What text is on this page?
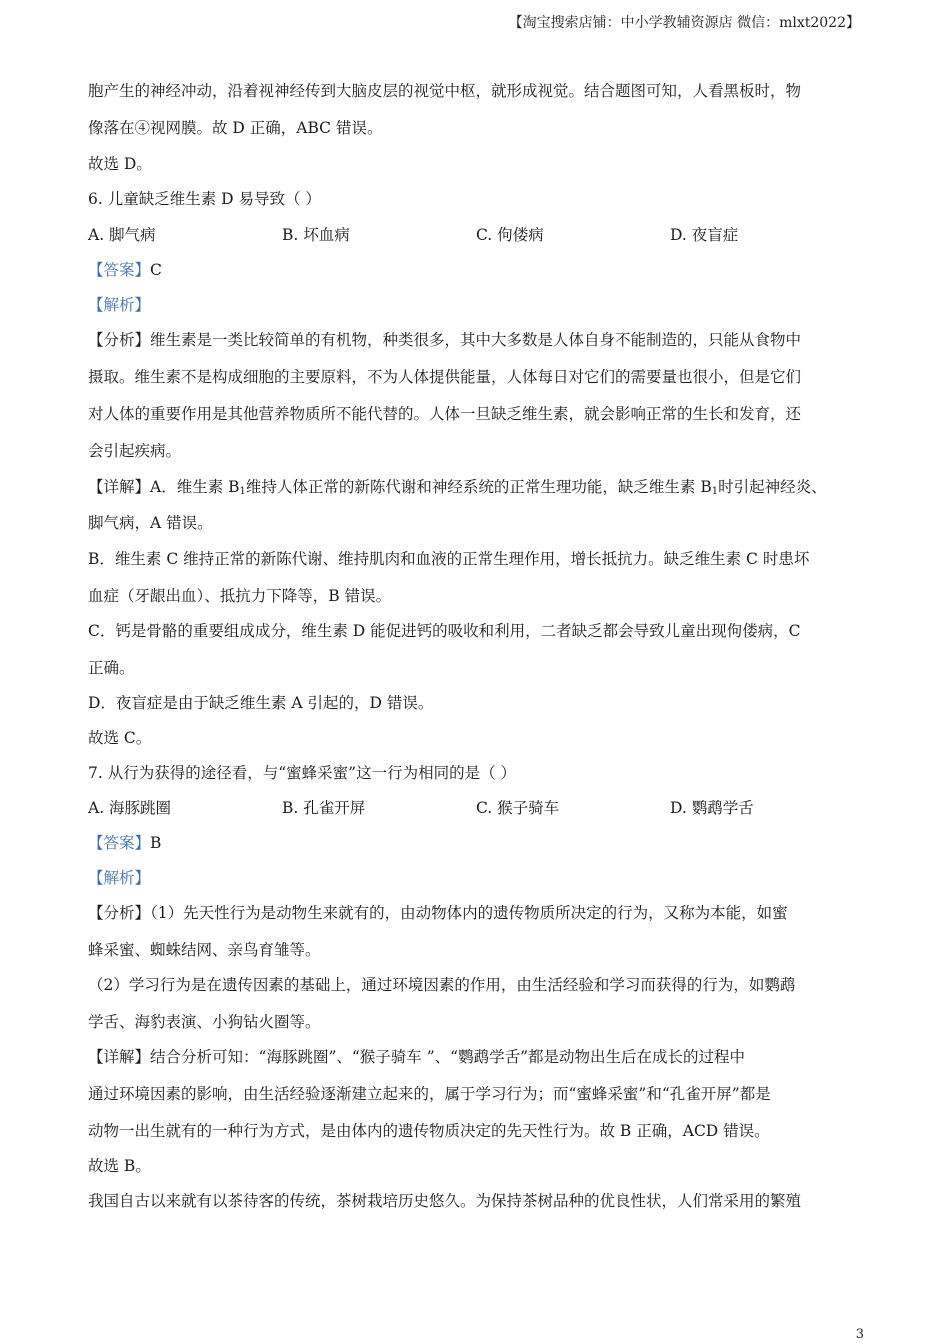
【淘宝搜索店铺：中小学教辅资源店 微信：mlxt2022】
胞产生的神经冲动，沿着视神经传到大脑皮层的视觉中枢，就形成视觉。结合题图可知，人看黑板时，物
像落在④视网膜。故 D 正确，ABC 错误。
故选 D。
6. 儿童缺乏维生素 D 易导致（ ）
A. 脚气病	B. 坏血病	C. 佝偻病	D. 夜盲症
【答案】C
【解析】
【分析】维生素是一类比较简单的有机物，种类很多，其中大多数是人体自身不能制造的，只能从食物中
摄取。维生素不是构成细胞的主要原料，不为人体提供能量，人体每日对它们的需要量也很小，但是它们
对人体的重要作用是其他营养物质所不能代替的。人体一旦缺乏维生素，就会影响正常的生长和发育，还
会引起疾病。
【详解】A．维生素 $B_1$维持人体正常的新陈代谢和神经系统的正常生理功能，缺乏维生素 $B_1$时引起神经炎、
脚气病，A 错误。
B．维生素 C 维持正常的新陈代谢、维持肌肉和血液的正常生理作用，增长抵抗力。缺乏维生素 C 时患坏
血症（牙龈出血）、抵抗力下降等，B 错误。
C．钙是骨骼的重要组成成分，维生素 D 能促进钙的吸收和利用，二者缺乏都会导致儿童出现佝偻病，C
正确。
D．夜盲症是由于缺乏维生素 A 引起的，D 错误。
故选 C。
7. 从行为获得的途径看，与“蜜蜂采蜜”这一行为相同的是（ ）
A. 海豚跳圈	B. 孔雀开屏	C. 猴子骑车	D. 鹦鹉学舌
【答案】B
【解析】
【分析】（1）先天性行为是动物生来就有的，由动物体内的遗传物质所决定的行为，又称为本能，如蜜
蜂采蜜、蜘蛛结网、亲鸟育雏等。
（2）学习行为是在遗传因素的基础上，通过环境因素的作用，由生活经验和学习而获得的行为，如鹦鹉
学舌、海豹表演、小狗钻火圈等。
【详解】结合分析可知：“海豚跳圈”、“猴子骑车 ”、“鹦鹉学舌”都是动物出生后在成长的过程中
通过环境因素的影响，由生活经验逐渐建立起来的，属于学习行为；而“蜜蜂采蜜”和“孔雀开屏”都是
动物一出生就有的一种行为方式，是由体内的遗传物质决定的先天性行为。故 B 正确，ACD 错误。
故选 B。
我国自古以来就有以茶待客的传统，茶树栽培历史悠久。为保持茶树品种的优良性状，人们常采用的繁殖
3
